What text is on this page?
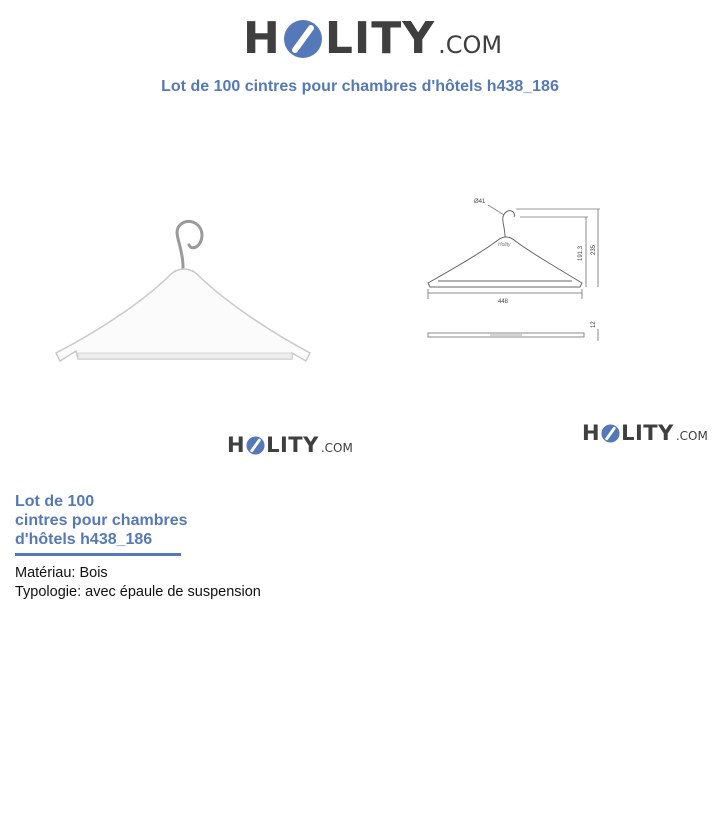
H LITY .COM
Lot de 100 cintres pour chambres d'hôtels h438_186
Ø41
448
191.3 235
12
Holity
H LITY .COM
H LITY .COM
Lot de 100
cintres pour chambres
d'hôtels h438_186
Matériau: Bois
Typologie: avec épaule de suspension
